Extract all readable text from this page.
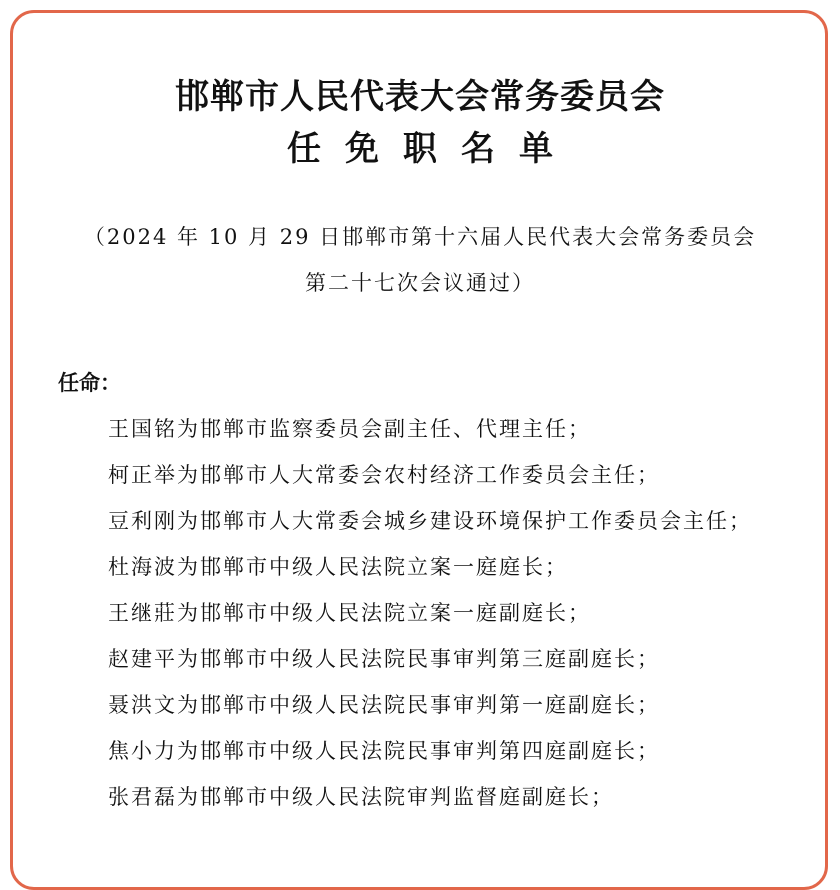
邯郸市人民代表大会常务委员会
任免职名单
（2024 年 10 月 29 日邯郸市第十六届人民代表大会常务委员会
第二十七次会议通过）
任命：
王国铭为邯郸市监察委员会副主任、代理主任；
柯正举为邯郸市人大常委会农村经济工作委员会主任；
豆利刚为邯郸市人大常委会城乡建设环境保护工作委员会主任；
杜海波为邯郸市中级人民法院立案一庭庭长；
王继莊为邯郸市中级人民法院立案一庭副庭长；
赵建平为邯郸市中级人民法院民事审判第三庭副庭长；
聂洪文为邯郸市中级人民法院民事审判第一庭副庭长；
焦小力为邯郸市中级人民法院民事审判第四庭副庭长；
张君磊为邯郸市中级人民法院审判监督庭副庭长；
